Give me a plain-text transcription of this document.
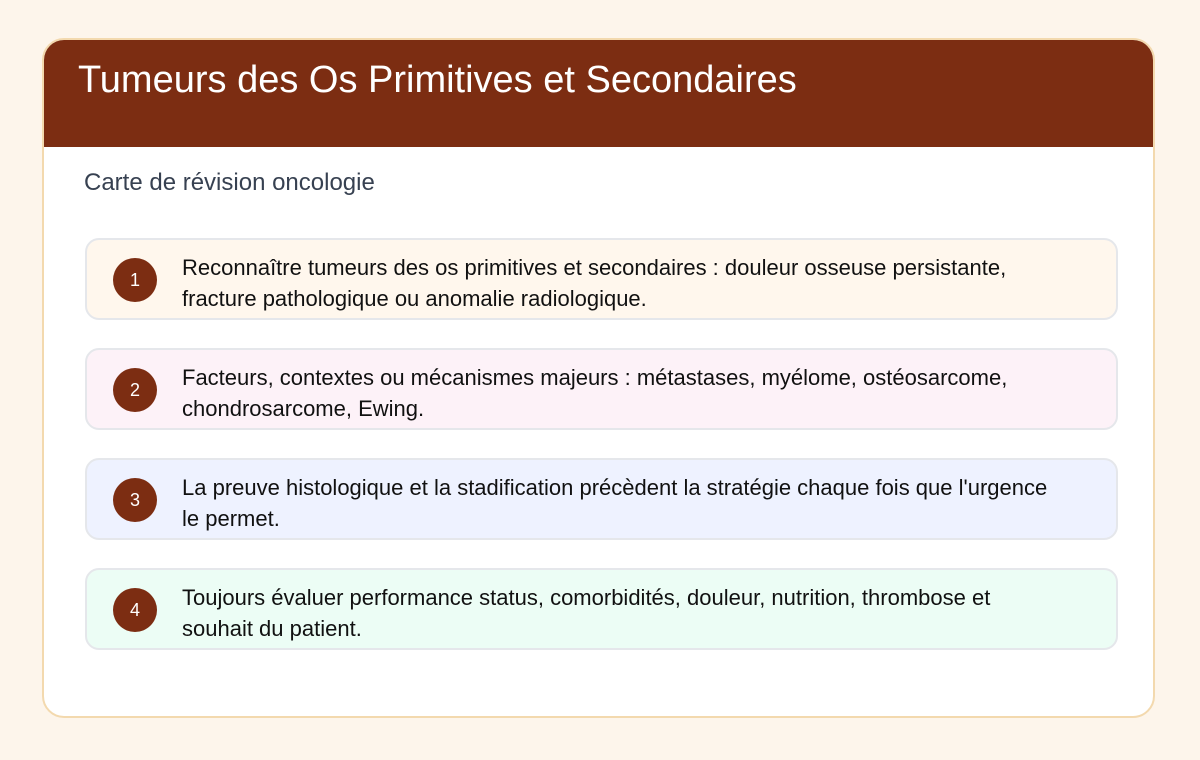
Tumeurs des Os Primitives et Secondaires
Carte de révision oncologie
1	Reconnaître tumeurs des os primitives et secondaires : douleur osseuse persistante, fracture pathologique ou anomalie radiologique.
2	Facteurs, contextes ou mécanismes majeurs : métastases, myélome, ostéosarcome, chondrosarcome, Ewing.
3	La preuve histologique et la stadification précèdent la stratégie chaque fois que l'urgence le permet.
4	Toujours évaluer performance status, comorbidités, douleur, nutrition, thrombose et souhait du patient.
